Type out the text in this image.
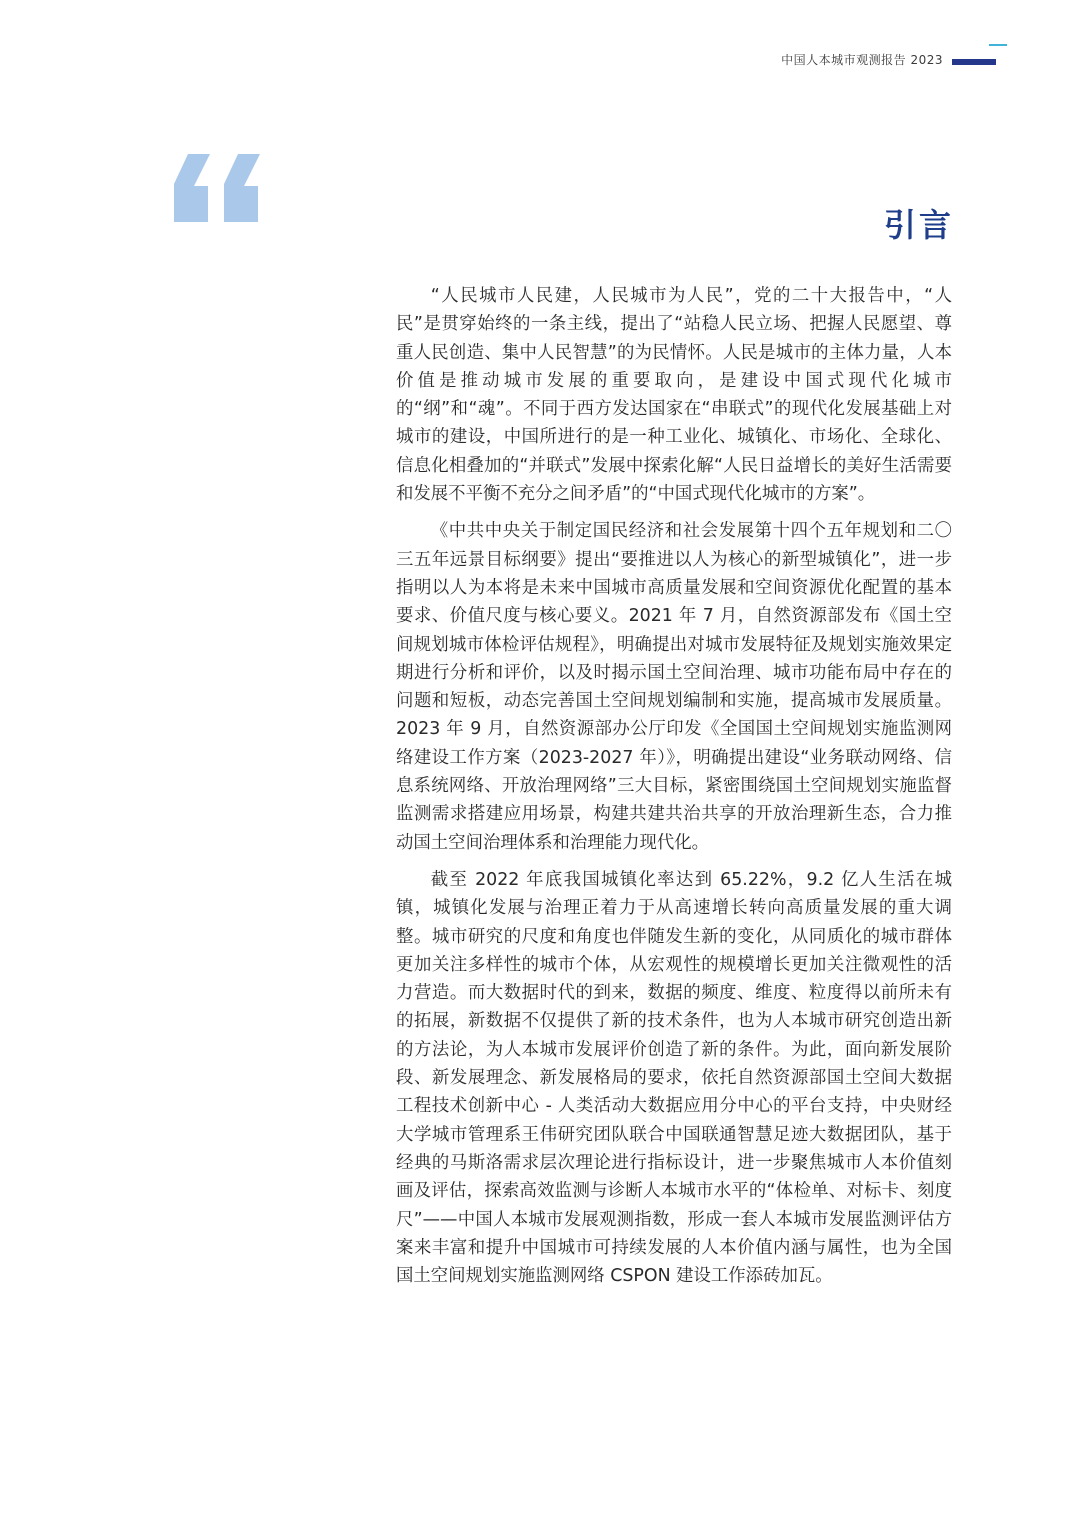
中国人本城市观测报告 2023
引言

“人民城市人民建，人民城市为人民”，党的二十大报告中，“人民”是贯穿始终的一条主线，提出了“站稳人民立场、把握人民愿望、尊重人民创造、集中人民智慧”的为民情怀。人民是城市的主体力量，人本价值是推动城市发展的重要取向，是建设中国式现代化城市的“纲”和“魂”。不同于西方发达国家在“串联式”的现代化发展基础上对城市的建设，中国所进行的是一种工业化、城镇化、市场化、全球化、信息化相叠加的“并联式”发展中探索化解“人民日益增长的美好生活需要和发展不平衡不充分之间矛盾”的“中国式现代化城市的方案”。

《中共中央关于制定国民经济和社会发展第十四个五年规划和二〇三五年远景目标纲要》提出“要推进以人为核心的新型城镇化”，进一步指明以人为本将是未来中国城市高质量发展和空间资源优化配置的基本要求、价值尺度与核心要义。2021 年 7 月，自然资源部发布《国土空间规划城市体检评估规程》，明确提出对城市发展特征及规划实施效果定期进行分析和评价，以及时揭示国土空间治理、城市功能布局中存在的问题和短板，动态完善国土空间规划编制和实施，提高城市发展质量。2023 年 9 月，自然资源部办公厅印发《全国国土空间规划实施监测网络建设工作方案（2023-2027 年）》，明确提出建设“业务联动网络、信息系统网络、开放治理网络”三大目标，紧密围绕国土空间规划实施监督监测需求搭建应用场景，构建共建共治共享的开放治理新生态，合力推动国土空间治理体系和治理能力现代化。

截至 2022 年底我国城镇化率达到 65.22%，9.2 亿人生活在城镇，城镇化发展与治理正着力于从高速增长转向高质量发展的重大调整。城市研究的尺度和角度也伴随发生新的变化，从同质化的城市群体更加关注多样性的城市个体，从宏观性的规模增长更加关注微观性的活力营造。而大数据时代的到来，数据的频度、维度、粒度得以前所未有的拓展，新数据不仅提供了新的技术条件，也为人本城市研究创造出新的方法论，为人本城市发展评价创造了新的条件。为此，面向新发展阶段、新发展理念、新发展格局的要求，依托自然资源部国土空间大数据工程技术创新中心 - 人类活动大数据应用分中心的平台支持，中央财经大学城市管理系王伟研究团队联合中国联通智慧足迹大数据团队，基于经典的马斯洛需求层次理论进行指标设计，进一步聚焦城市人本价值刻画及评估，探索高效监测与诊断人本城市水平的“体检单、对标卡、刻度尺”——中国人本城市发展观测指数，形成一套人本城市发展监测评估方案来丰富和提升中国城市可持续发展的人本价值内涵与属性，也为全国国土空间规划实施监测网络 CSPON 建设工作添砖加瓦。
